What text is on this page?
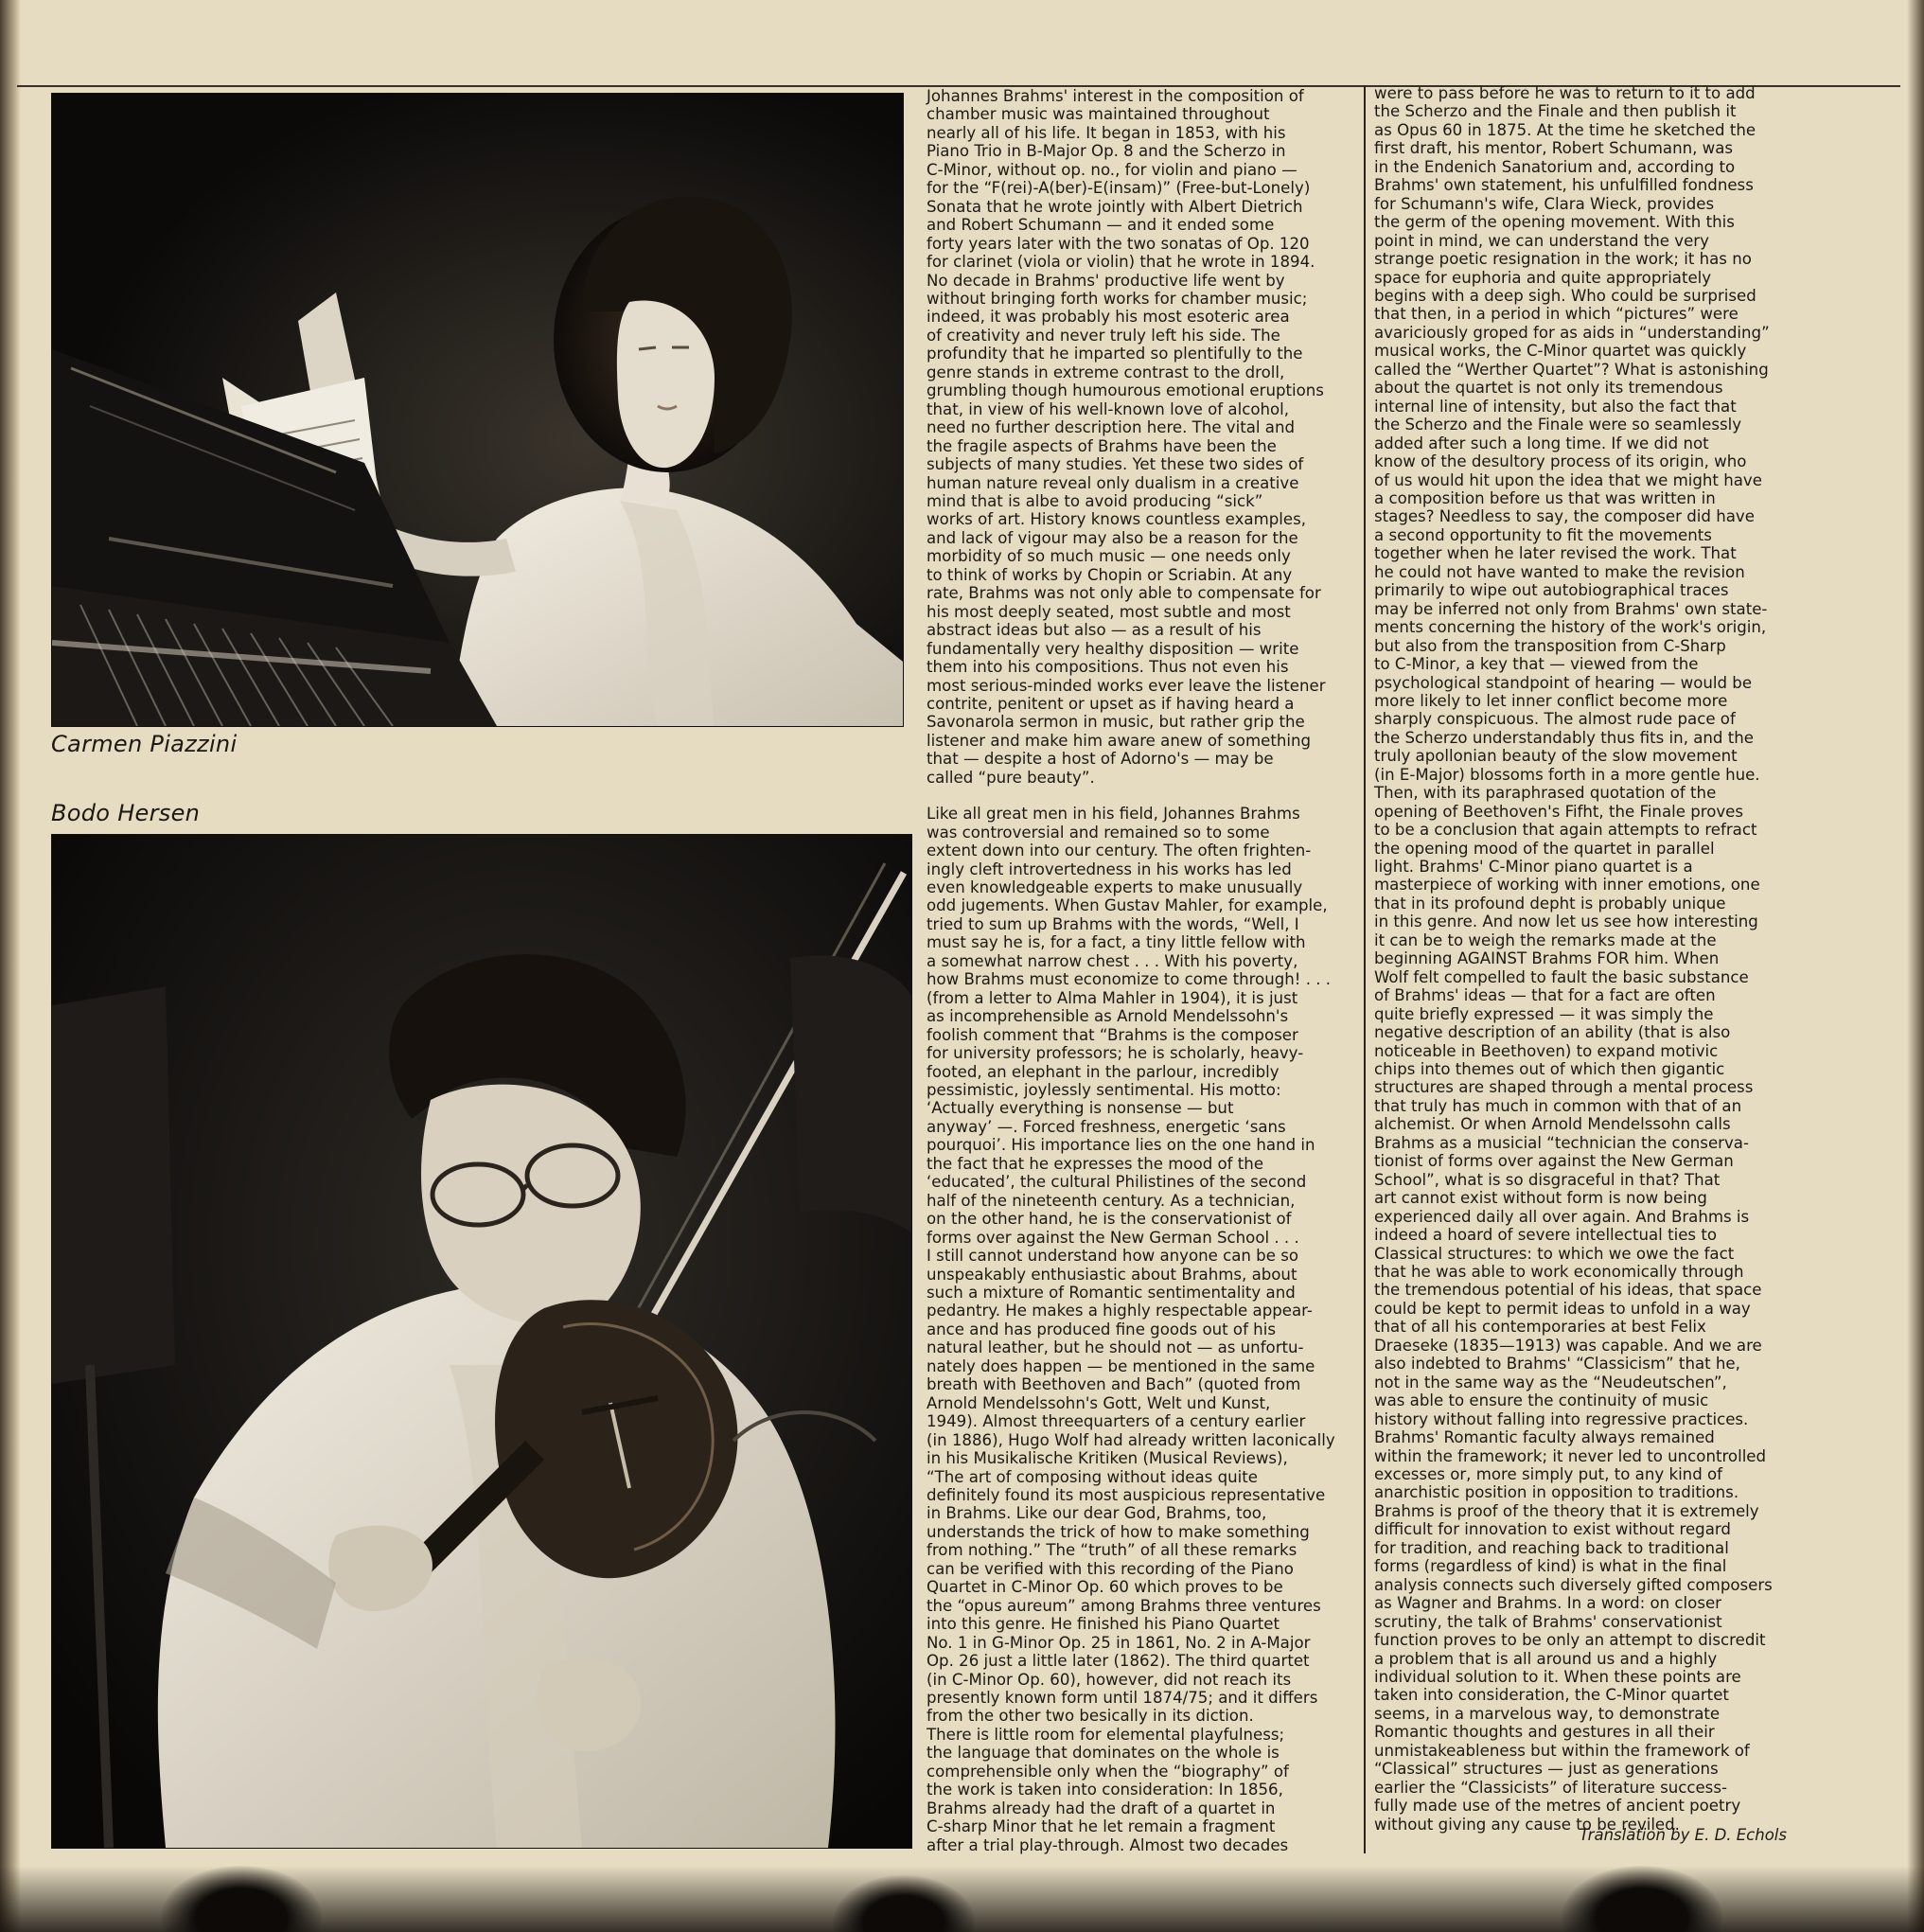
Carmen Piazzini
Bodo Hersen

Johannes Brahms' interest in the composition of
chamber music was maintained throughout
nearly all of his life. It began in 1853, with his
Piano Trio in B-Major Op. 8 and the Scherzo in
C-Minor, without op. no., for violin and piano —
for the “F(rei)-A(ber)-E(insam)” (Free-but-Lonely)
Sonata that he wrote jointly with Albert Dietrich
and Robert Schumann — and it ended some
forty years later with the two sonatas of Op. 120
for clarinet (viola or violin) that he wrote in 1894.
No decade in Brahms' productive life went by
without bringing forth works for chamber music;
indeed, it was probably his most esoteric area
of creativity and never truly left his side. The
profundity that he imparted so plentifully to the
genre stands in extreme contrast to the droll,
grumbling though humourous emotional eruptions
that, in view of his well-known love of alcohol,
need no further description here. The vital and
the fragile aspects of Brahms have been the
subjects of many studies. Yet these two sides of
human nature reveal only dualism in a creative
mind that is albe to avoid producing “sick”
works of art. History knows countless examples,
and lack of vigour may also be a reason for the
morbidity of so much music — one needs only
to think of works by Chopin or Scriabin. At any
rate, Brahms was not only able to compensate for
his most deeply seated, most subtle and most
abstract ideas but also — as a result of his
fundamentally very healthy disposition — write
them into his compositions. Thus not even his
most serious-minded works ever leave the listener
contrite, penitent or upset as if having heard a
Savonarola sermon in music, but rather grip the
listener and make him aware anew of something
that — despite a host of Adorno's — may be
called “pure beauty”.

Like all great men in his field, Johannes Brahms
was controversial and remained so to some
extent down into our century. The often frighten-
ingly cleft introvertedness in his works has led
even knowledgeable experts to make unusually
odd jugements. When Gustav Mahler, for example,
tried to sum up Brahms with the words, “Well, I
must say he is, for a fact, a tiny little fellow with
a somewhat narrow chest . . . With his poverty,
how Brahms must economize to come through! . . .
(from a letter to Alma Mahler in 1904), it is just
as incomprehensible as Arnold Mendelssohn's
foolish comment that “Brahms is the composer
for university professors; he is scholarly, heavy-
footed, an elephant in the parlour, incredibly
pessimistic, joylessly sentimental. His motto:
‘Actually everything is nonsense — but
anyway’ —. Forced freshness, energetic ‘sans
pourquoi’. His importance lies on the one hand in
the fact that he expresses the mood of the
‘educated’, the cultural Philistines of the second
half of the nineteenth century. As a technician,
on the other hand, he is the conservationist of
forms over against the New German School . . .
I still cannot understand how anyone can be so
unspeakably enthusiastic about Brahms, about
such a mixture of Romantic sentimentality and
pedantry. He makes a highly respectable appear-
ance and has produced fine goods out of his
natural leather, but he should not — as unfortu-
nately does happen — be mentioned in the same
breath with Beethoven and Bach” (quoted from
Arnold Mendelssohn's Gott, Welt und Kunst,
1949). Almost threequarters of a century earlier
(in 1886), Hugo Wolf had already written laconically
in his Musikalische Kritiken (Musical Reviews),
“The art of composing without ideas quite
definitely found its most auspicious representative
in Brahms. Like our dear God, Brahms, too,
understands the trick of how to make something
from nothing.” The “truth” of all these remarks
can be verified with this recording of the Piano
Quartet in C-Minor Op. 60 which proves to be
the “opus aureum” among Brahms three ventures
into this genre. He finished his Piano Quartet
No. 1 in G-Minor Op. 25 in 1861, No. 2 in A-Major
Op. 26 just a little later (1862). The third quartet
(in C-Minor Op. 60), however, did not reach its
presently known form until 1874/75; and it differs
from the other two besically in its diction.
There is little room for elemental playfulness;
the language that dominates on the whole is
comprehensible only when the “biography” of
the work is taken into consideration: In 1856,
Brahms already had the draft of a quartet in
C-sharp Minor that he let remain a fragment
after a trial play-through. Almost two decades

were to pass before he was to return to it to add
the Scherzo and the Finale and then publish it
as Opus 60 in 1875. At the time he sketched the
first draft, his mentor, Robert Schumann, was
in the Endenich Sanatorium and, according to
Brahms' own statement, his unfulfilled fondness
for Schumann's wife, Clara Wieck, provides
the germ of the opening movement. With this
point in mind, we can understand the very
strange poetic resignation in the work; it has no
space for euphoria and quite appropriately
begins with a deep sigh. Who could be surprised
that then, in a period in which “pictures” were
avariciously groped for as aids in “understanding”
musical works, the C-Minor quartet was quickly
called the “Werther Quartet”? What is astonishing
about the quartet is not only its tremendous
internal line of intensity, but also the fact that
the Scherzo and the Finale were so seamlessly
added after such a long time. If we did not
know of the desultory process of its origin, who
of us would hit upon the idea that we might have
a composition before us that was written in
stages? Needless to say, the composer did have
a second opportunity to fit the movements
together when he later revised the work. That
he could not have wanted to make the revision
primarily to wipe out autobiographical traces
may be inferred not only from Brahms' own state-
ments concerning the history of the work's origin,
but also from the transposition from C-Sharp
to C-Minor, a key that — viewed from the
psychological standpoint of hearing — would be
more likely to let inner conflict become more
sharply conspicuous. The almost rude pace of
the Scherzo understandably thus fits in, and the
truly apollonian beauty of the slow movement
(in E-Major) blossoms forth in a more gentle hue.
Then, with its paraphrased quotation of the
opening of Beethoven's Fifht, the Finale proves
to be a conclusion that again attempts to refract
the opening mood of the quartet in parallel
light. Brahms' C-Minor piano quartet is a
masterpiece of working with inner emotions, one
that in its profound depht is probably unique
in this genre. And now let us see how interesting
it can be to weigh the remarks made at the
beginning AGAINST Brahms FOR him. When
Wolf felt compelled to fault the basic substance
of Brahms' ideas — that for a fact are often
quite briefly expressed — it was simply the
negative description of an ability (that is also
noticeable in Beethoven) to expand motivic
chips into themes out of which then gigantic
structures are shaped through a mental process
that truly has much in common with that of an
alchemist. Or when Arnold Mendelssohn calls
Brahms as a musicial “technician the conserva-
tionist of forms over against the New German
School”, what is so disgraceful in that? That
art cannot exist without form is now being
experienced daily all over again. And Brahms is
indeed a hoard of severe intellectual ties to
Classical structures: to which we owe the fact
that he was able to work economically through
the tremendous potential of his ideas, that space
could be kept to permit ideas to unfold in a way
that of all his contemporaries at best Felix
Draeseke (1835—1913) was capable. And we are
also indebted to Brahms' “Classicism” that he,
not in the same way as the “Neudeutschen”,
was able to ensure the continuity of music
history without falling into regressive practices.
Brahms' Romantic faculty always remained
within the framework; it never led to uncontrolled
excesses or, more simply put, to any kind of
anarchistic position in opposition to traditions.
Brahms is proof of the theory that it is extremely
difficult for innovation to exist without regard
for tradition, and reaching back to traditional
forms (regardless of kind) is what in the final
analysis connects such diversely gifted composers
as Wagner and Brahms. In a word: on closer
scrutiny, the talk of Brahms' conservationist
function proves to be only an attempt to discredit
a problem that is all around us and a highly
individual solution to it. When these points are
taken into consideration, the C-Minor quartet
seems, in a marvelous way, to demonstrate
Romantic thoughts and gestures in all their
unmistakeableness but within the framework of
“Classical” structures — just as generations
earlier the “Classicists” of literature success-
fully made use of the metres of ancient poetry
without giving any cause to be reviled.

Translation by E. D. Echols
